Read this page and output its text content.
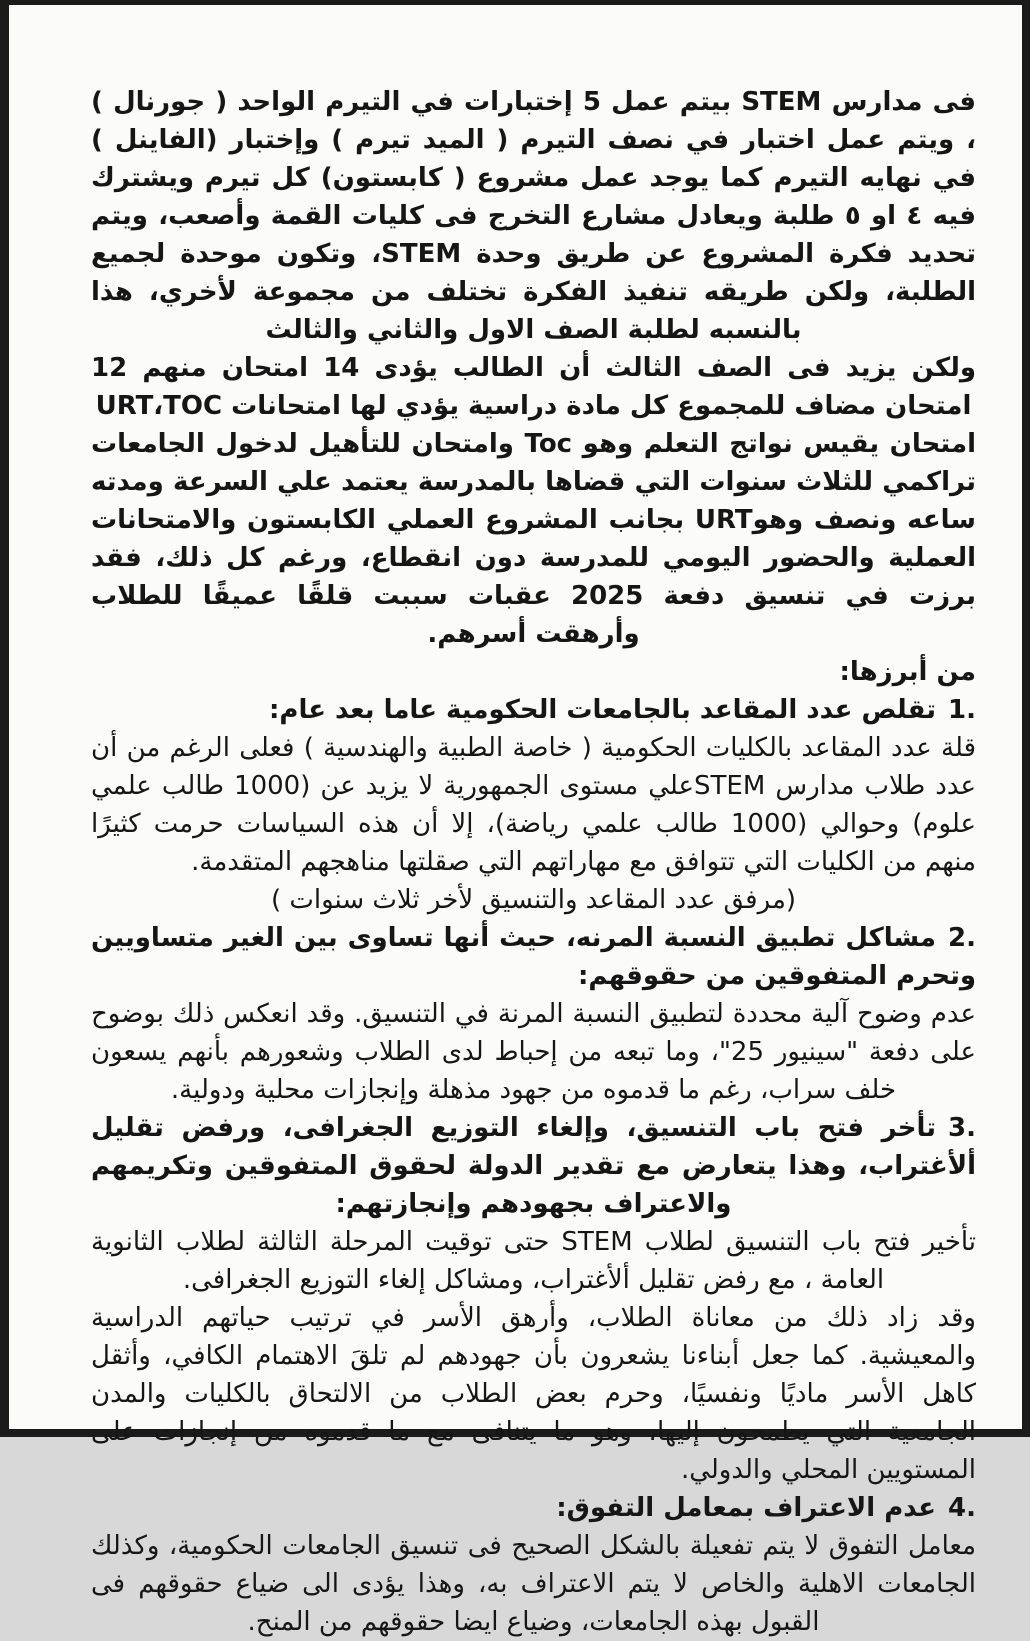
فى مدارس STEM بيتم عمل 5 إختبارات في التيرم الواحد ( جورنال ) ، ويتم عمل اختبار في نصف التيرم ( الميد تيرم ) وإختبار (الفاينل ) في نهايه التيرم كما يوجد عمل مشروع ( كابستون) كل تيرم ويشترك فيه ٤ او ٥ طلبة ويعادل مشارع التخرج فى كليات القمة وأصعب، ويتم تحديد فكرة المشروع عن طريق وحدة STEM، وتكون موحدة لجميع الطلبة، ولكن طريقه تنفيذ الفكرة تختلف من مجموعة لأخري، هذا بالنسبه لطلبة الصف الاول والثاني والثالث

ولكن يزيد فى الصف الثالث أن الطالب يؤدى 14 امتحان منهم 12 امتحان مضاف للمجموع كل مادة دراسية يؤدي لها امتحانات URT،TOC

امتحان يقيس نواتج التعلم وهو Toc وامتحان للتأهيل لدخول الجامعات تراكمي للثلاث سنوات التي قضاها بالمدرسة يعتمد علي السرعة ومدته ساعه ونصف وهوURT بجانب المشروع العملي الكابستون والامتحانات العملية والحضور اليومي للمدرسة دون انقطاع، ورغم كل ذلك، فقد برزت في تنسيق دفعة 2025 عقبات سببت قلقًا عميقًا للطلاب وأرهقت أسرهم.

من أبرزها:

1.تقلص عدد المقاعد بالجامعات الحكومية عاما بعد عام:

قلة عدد المقاعد بالكليات الحكومية ( خاصة الطبية والهندسية ) فعلى الرغم من أن عدد طلاب مدارس STEMعلي مستوى الجمهورية لا يزيد عن (1000 طالب علمي علوم) وحوالي (1000 طالب علمي رياضة)، إلا أن هذه السياسات حرمت كثيرًا منهم من الكليات التي تتوافق مع مهاراتهم التي صقلتها مناهجهم المتقدمة.

(مرفق عدد المقاعد والتنسيق لأخر ثلاث سنوات )

2.مشاكل تطبيق النسبة المرنه، حيث أنها تساوى بين الغير متساويين وتحرم المتفوقين من حقوقهم:

عدم وضوح آلية محددة لتطبيق النسبة المرنة في التنسيق. وقد انعكس ذلك بوضوح على دفعة "سينيور 25"، وما تبعه من إحباط لدى الطلاب وشعورهم بأنهم يسعون خلف سراب، رغم ما قدموه من جهود مذهلة وإنجازات محلية ودولية.

3.تأخر فتح باب التنسيق، وإلغاء التوزيع الجغرافى، ورفض تقليل ألأغتراب، وهذا يتعارض مع تقدير الدولة لحقوق المتفوقين وتكريمهم والاعتراف بجهودهم وإنجازتهم:

تأخير فتح باب التنسيق لطلاب STEM حتى توقيت المرحلة الثالثة لطلاب الثانوية العامة ، مع رفض تقليل ألأغتراب، ومشاكل إلغاء التوزيع الجغرافى.

وقد زاد ذلك من معاناة الطلاب، وأرهق الأسر في ترتيب حياتهم الدراسية والمعيشية. كما جعل أبناءنا يشعرون بأن جهودهم لم تلقَ الاهتمام الكافي، وأثقل كاهل الأسر ماديًا ونفسيًا، وحرم بعض الطلاب من الالتحاق بالكليات والمدن الجامعية التي يطمحون إليها، وهو ما يتنافى مع ما قدموه من إنجازات على المستويين المحلي والدولي.

4.عدم الاعتراف بمعامل التفوق:

معامل التفوق لا يتم تفعيلة بالشكل الصحيح فى تنسيق الجامعات الحكومية، وكذلك الجامعات الاهلية والخاص لا يتم الاعتراف به، وهذا يؤدى الى ضياع حقوقهم فى القبول بهذه الجامعات، وضياع ايضا حقوقهم من المنح.
